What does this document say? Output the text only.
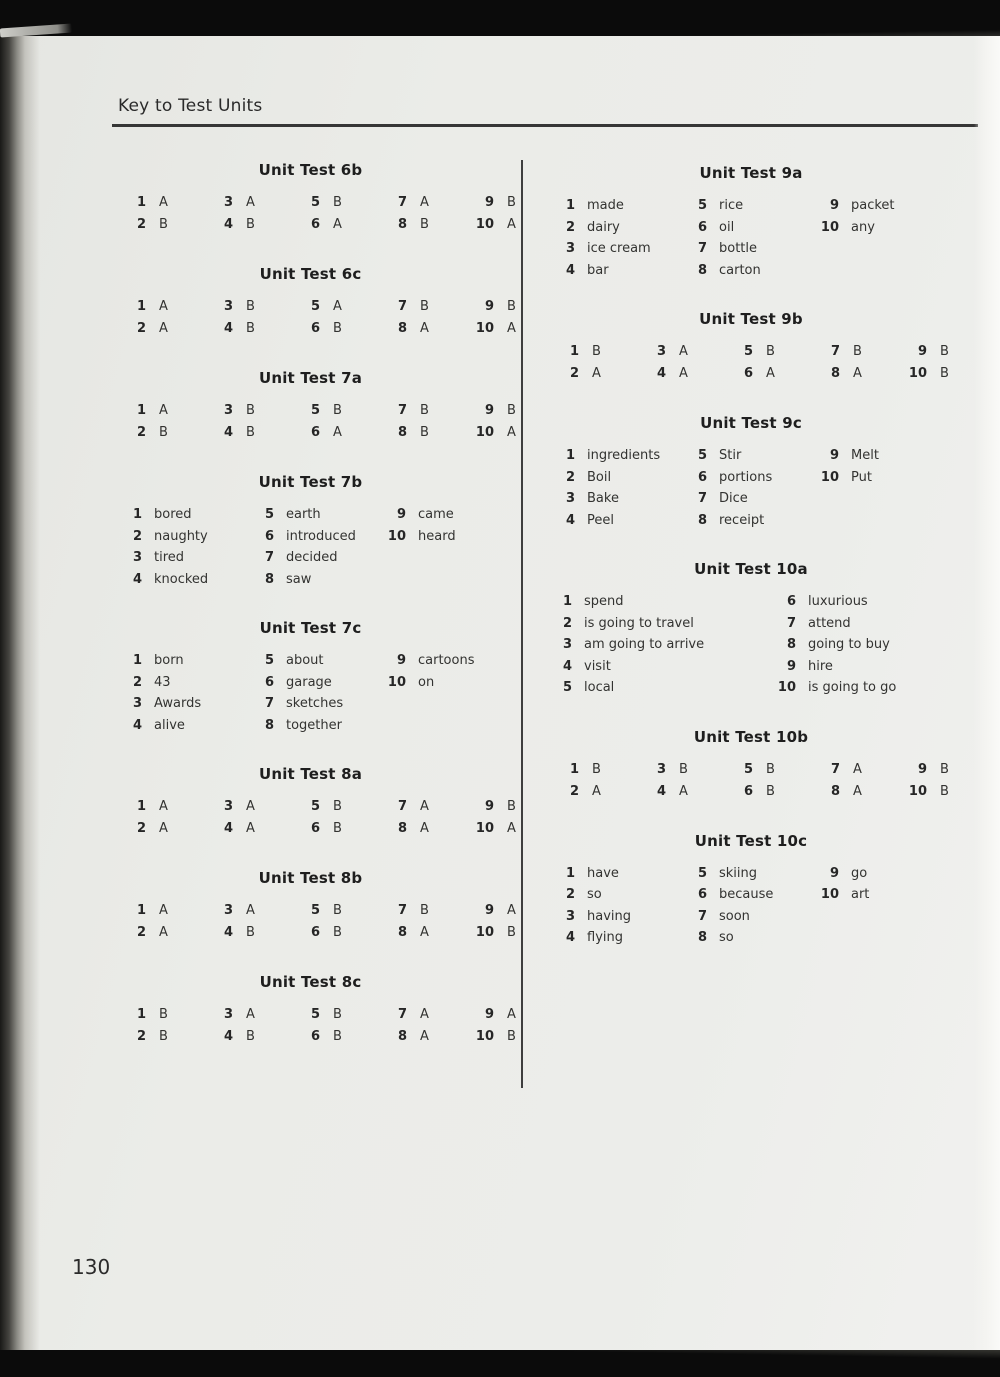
Key to Test Units
Unit Test 6b
1 A
2 B
3 A
4 B
5 B
6 A
7 A
8 B
9 B
10 A
Unit Test 6c
1 A
2 A
3 B
4 B
5 A
6 B
7 B
8 A
9 B
10 A
Unit Test 7a
1 A
2 B
3 B
4 B
5 B
6 A
7 B
8 B
9 B
10 A
Unit Test 7b
1 bored
2 naughty
3 tired
4 knocked
5 earth
6 introduced
7 decided
8 saw
9 came
10 heard
Unit Test 7c
1 born
2 43
3 Awards
4 alive
5 about
6 garage
7 sketches
8 together
9 cartoons
10 on
Unit Test 8a
1 A
2 A
3 A
4 A
5 B
6 B
7 A
8 A
9 B
10 A
Unit Test 8b
1 A
2 A
3 A
4 B
5 B
6 B
7 B
8 A
9 A
10 B
Unit Test 8c
1 B
2 B
3 A
4 B
5 B
6 B
7 A
8 A
9 A
10 B
Unit Test 9a
1 made
2 dairy
3 ice cream
4 bar
5 rice
6 oil
7 bottle
8 carton
9 packet
10 any
Unit Test 9b
1 B
2 A
3 A
4 A
5 B
6 A
7 B
8 A
9 B
10 B
Unit Test 9c
1 ingredients
2 Boil
3 Bake
4 Peel
5 Stir
6 portions
7 Dice
8 receipt
9 Melt
10 Put
Unit Test 10a
1 spend
2 is going to travel
3 am going to arrive
4 visit
5 local
6 luxurious
7 attend
8 going to buy
9 hire
10 is going to go
Unit Test 10b
1 B
2 A
3 B
4 A
5 B
6 B
7 A
8 A
9 B
10 B
Unit Test 10c
1 have
2 so
3 having
4 flying
5 skiing
6 because
7 soon
8 so
9 go
10 art
130
